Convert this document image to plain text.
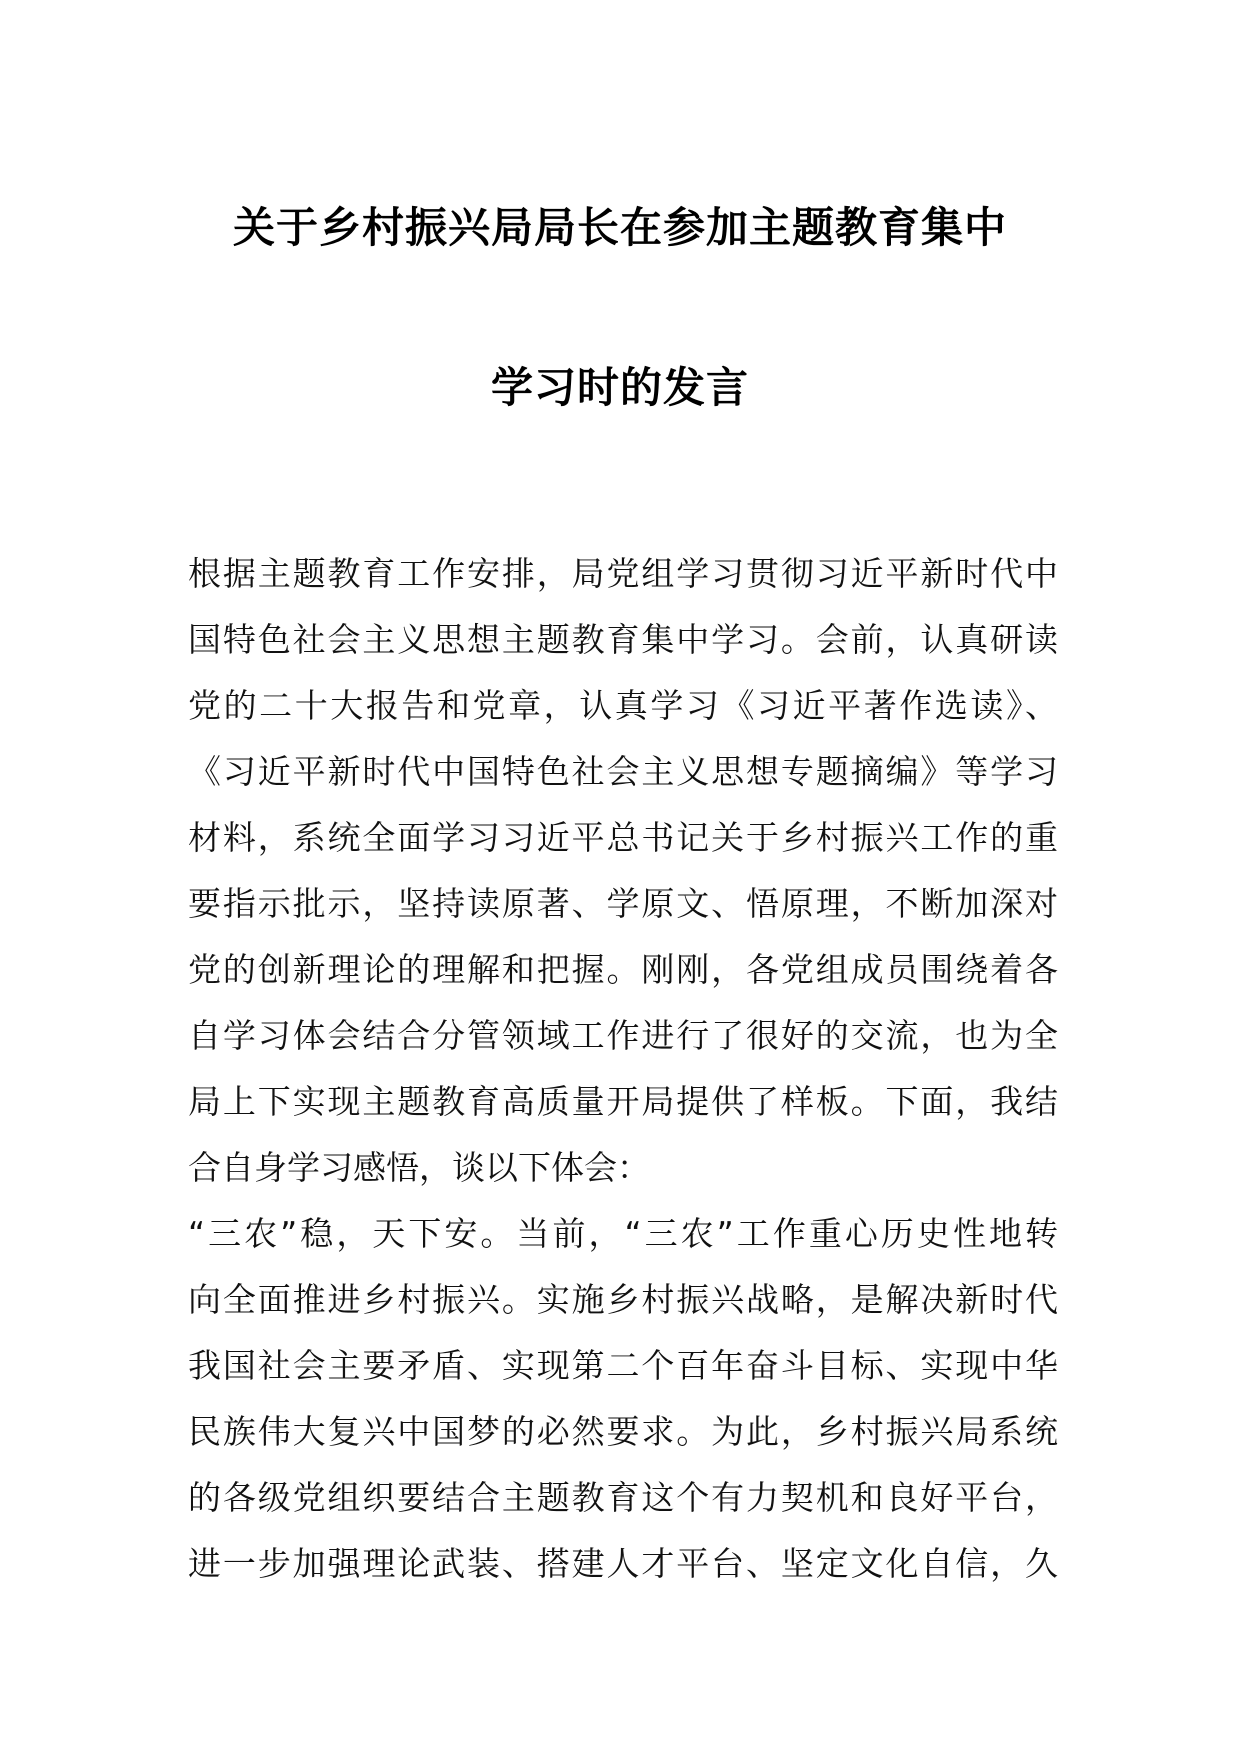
关于乡村振兴局局长在参加主题教育集中
学习时的发言
根据主题教育工作安排，局党组学习贯彻习近平新时代中
国特色社会主义思想主题教育集中学习。会前，认真研读
党的二十大报告和党章，认真学习《习近平著作选读》、
《习近平新时代中国特色社会主义思想专题摘编》等学习
材料，系统全面学习习近平总书记关于乡村振兴工作的重
要指示批示，坚持读原著、学原文、悟原理，不断加深对
党的创新理论的理解和把握。刚刚，各党组成员围绕着各
自学习体会结合分管领域工作进行了很好的交流，也为全
局上下实现主题教育高质量开局提供了样板。下面，我结
合自身学习感悟，谈以下体会：
“三农”稳，天下安。当前，“三农”工作重心历史性地转
向全面推进乡村振兴。实施乡村振兴战略，是解决新时代
我国社会主要矛盾、实现第二个百年奋斗目标、实现中华
民族伟大复兴中国梦的必然要求。为此，乡村振兴局系统
的各级党组织要结合主题教育这个有力契机和良好平台，
进一步加强理论武装、搭建人才平台、坚定文化自信，久
